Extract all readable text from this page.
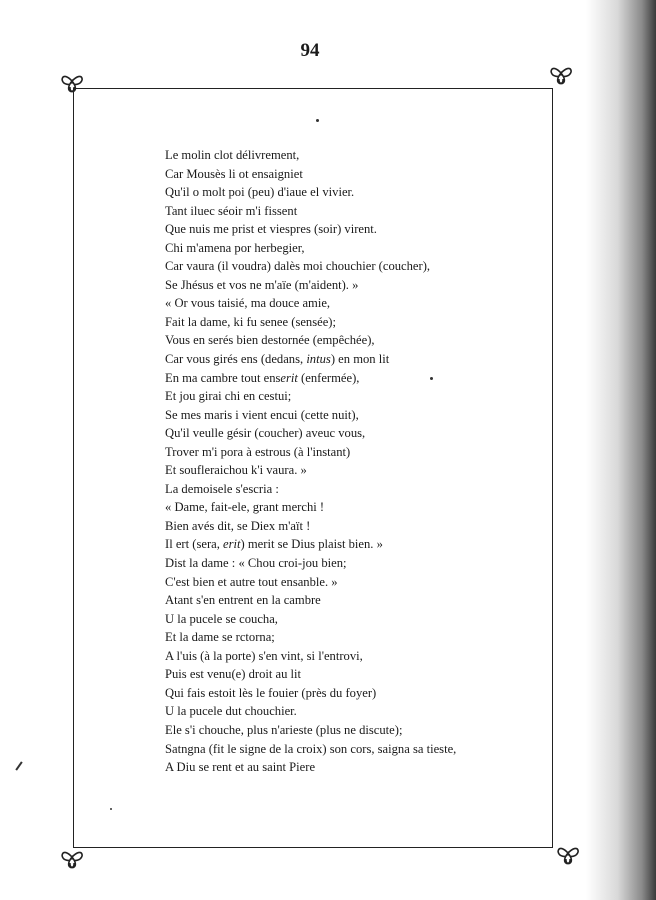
94
Le molin clot délivrement,
Car Mousès li ot ensaigniet
Qu'il o molt poi (peu) d'iaue el vivier.
Tant iluec séoir m'i fissent
Que nuis me prist et viespres (soir) virent.
Chi m'amena por herbegier,
Car vaura (il voudra) dalès moi chouchier (coucher),
Se Jhésus et vos ne m'aïe (m'aident). »
« Or vous taisié, ma douce amie,
Fait la dame, ki fu senee (sensée);
Vous en serés bien destornée (empêchée),
Car vous girés ens (dedans, intus) en mon lit
En ma cambre tout enserit (enfermée),
Et jou girai chi en cestui;
Se mes maris i vient encui (cette nuit),
Qu'il veulle gésir (coucher) aveuc vous,
Trover m'i pora à estrous (à l'instant)
Et soufleraichou k'i vaura. »
La demoisele s'escria :
« Dame, fait-ele, grant merchi !
Bien avés dit, se Diex m'aït !
Il ert (sera, erit) merit se Dius plaist bien. »
Dist la dame : « Chou croi-jou bien;
C'est bien et autre tout ensanble. »
Atant s'en entrent en la cambre
U la pucele se coucha,
Et la dame se rctorna;
A l'uis (à la porte) s'en vint, si l'entrovi,
Puis est venu(e) droit au lit
Qui fais estoit lès le fouier (près du foyer)
U la pucele dut chouchier.
Ele s'i chouche, plus n'arieste (plus ne discute);
Satngna (fit le signe de la croix) son cors, saigna sa tieste,
A Diu se rent et au saint Piere
